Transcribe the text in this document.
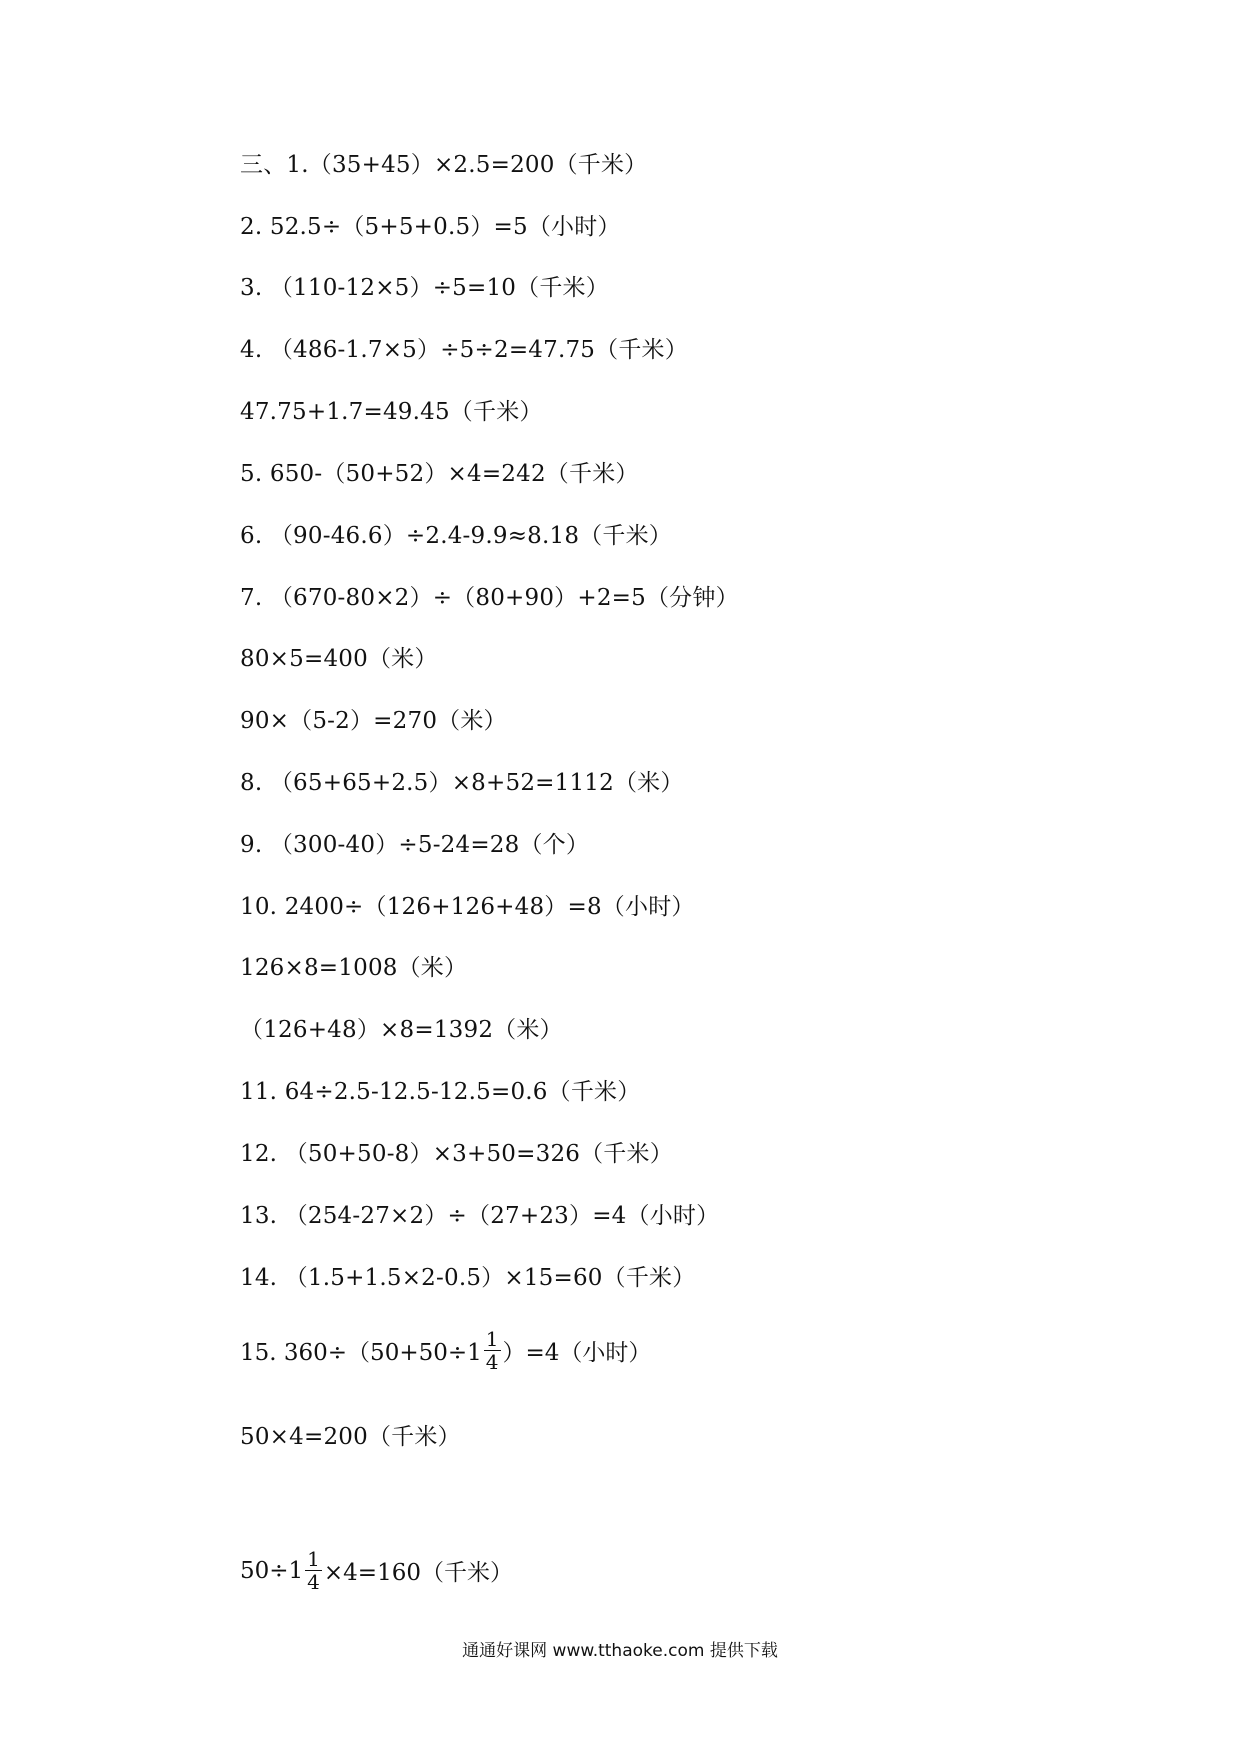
三、1.（35+45）×2.5=200（千米）
2. 52.5÷（5+5+0.5）=5（小时）
3. （110-12×5）÷5=10（千米）
4. （486-1.7×5）÷5÷2=47.75（千米）
47.75+1.7=49.45（千米）
5. 650-（50+52）×4=242（千米）
6. （90-46.6）÷2.4-9.9≈8.18（千米）
7. （670-80×2）÷（80+90）+2=5（分钟）
80×5=400（米）
90×（5-2）=270（米）
8. （65+65+2.5）×8+52=1112（米）
9. （300-40）÷5-24=28（个）
10. 2400÷（126+126+48）=8（小时）
126×8=1008（米）
（126+48）×8=1392（米）
11. 64÷2.5-12.5-12.5=0.6（千米）
12. （50+50-8）×3+50=326（千米）
13. （254-27×2）÷（27+23）=4（小时）
14. （1.5+1.5×2-0.5）×15=60（千米）
15. $360\div(50+50\div 1 \frac{1}{4} )=4$（小时）
50×4=200（千米）
$50\div 1 \frac{1}{4} \times 4=160$（千米）
通通好课网 www.tthaoke.com 提供下载
